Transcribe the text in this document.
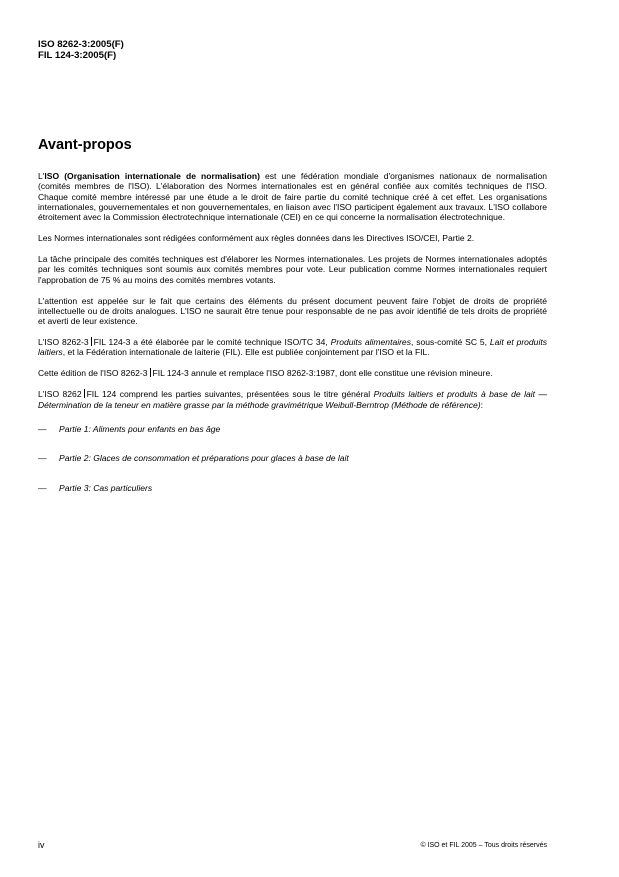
ISO 8262-3:2005(F)
FIL 124-3:2005(F)
Avant-propos

L'ISO (Organisation internationale de normalisation) est une fédération mondiale d'organismes nationaux de normalisation (comités membres de l'ISO). L'élaboration des Normes internationales est en général confiée aux comités techniques de l'ISO. Chaque comité membre intéressé par une étude a le droit de faire partie du comité technique créé à cet effet. Les organisations internationales, gouvernementales et non gouvernementales, en liaison avec l'ISO participent également aux travaux. L'ISO collabore étroitement avec la Commission électrotechnique internationale (CEI) en ce qui concerne la normalisation électrotechnique.

Les Normes internationales sont rédigées conformément aux règles données dans les Directives ISO/CEI, Partie 2.

La tâche principale des comités techniques est d'élaborer les Normes internationales. Les projets de Normes internationales adoptés par les comités techniques sont soumis aux comités membres pour vote. Leur publication comme Normes internationales requiert l'approbation de 75 % au moins des comités membres votants.

L'attention est appelée sur le fait que certains des éléments du présent document peuvent faire l'objet de droits de propriété intellectuelle ou de droits analogues. L'ISO ne saurait être tenue pour responsable de ne pas avoir identifié de tels droits de propriété et averti de leur existence.

L'ISO 8262-3 FIL 124-3 a été élaborée par le comité technique ISO/TC 34, Produits alimentaires, sous-comité SC 5, Lait et produits laitiers, et la Fédération internationale de laiterie (FIL). Elle est publiée conjointement par l'ISO et la FIL.

Cette édition de l'ISO 8262-3 FIL 124-3 annule et remplace l'ISO 8262-3:1987, dont elle constitue une révision mineure.

L'ISO 8262 FIL 124 comprend les parties suivantes, présentées sous le titre général Produits laitiers et produits à base de lait — Détermination de la teneur en matière grasse par la méthode gravimétrique Weibull-Berntrop (Méthode de référence):

—	Partie 1: Aliments pour enfants en bas âge

—	Partie 2: Glaces de consommation et préparations pour glaces à base de lait

—	Partie 3: Cas particuliers

iv	© ISO et FIL 2005 – Tous droits réservés
